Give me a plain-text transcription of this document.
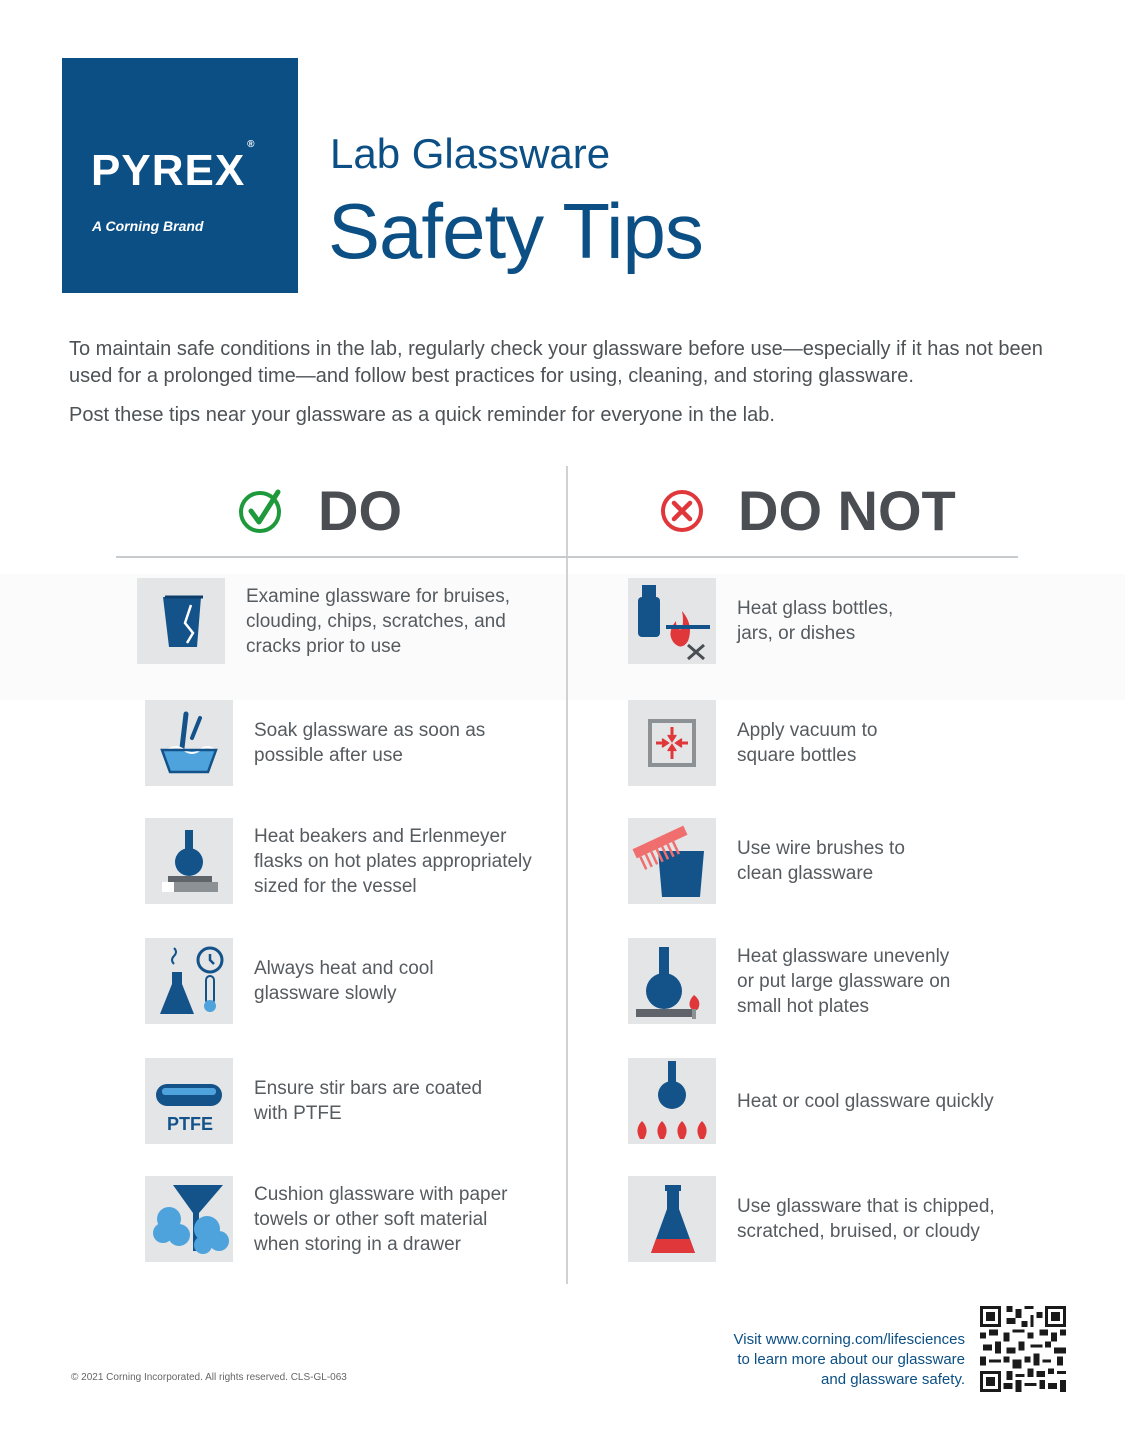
PYREX®
A Corning Brand
Lab Glassware
Safety Tips

To maintain safe conditions in the lab, regularly check your glassware before use—especially if it has not been used for a prolonged time—and follow best practices for using, cleaning, and storing glassware.

Post these tips near your glassware as a quick reminder for everyone in the lab.

DO	DO NOT
Examine glassware for bruises,
clouding, chips, scratches, and
cracks prior to use
Soak glassware as soon as
possible after use
Heat beakers and Erlenmeyer
flasks on hot plates appropriately
sized for the vessel
Always heat and cool
glassware slowly
PTFE
Ensure stir bars are coated
with PTFE
Cushion glassware with paper
towels or other soft material
when storing in a drawer
Heat glass bottles,
jars, or dishes
Apply vacuum to
square bottles
Use wire brushes to
clean glassware
Heat glassware unevenly
or put large glassware on
small hot plates
Heat or cool glassware quickly
Use glassware that is chipped,
scratched, bruised, or cloudy
Visit www.corning.com/lifesciences
to learn more about our glassware
and glassware safety.
© 2021 Corning Incorporated. All rights reserved. CLS-GL-063
